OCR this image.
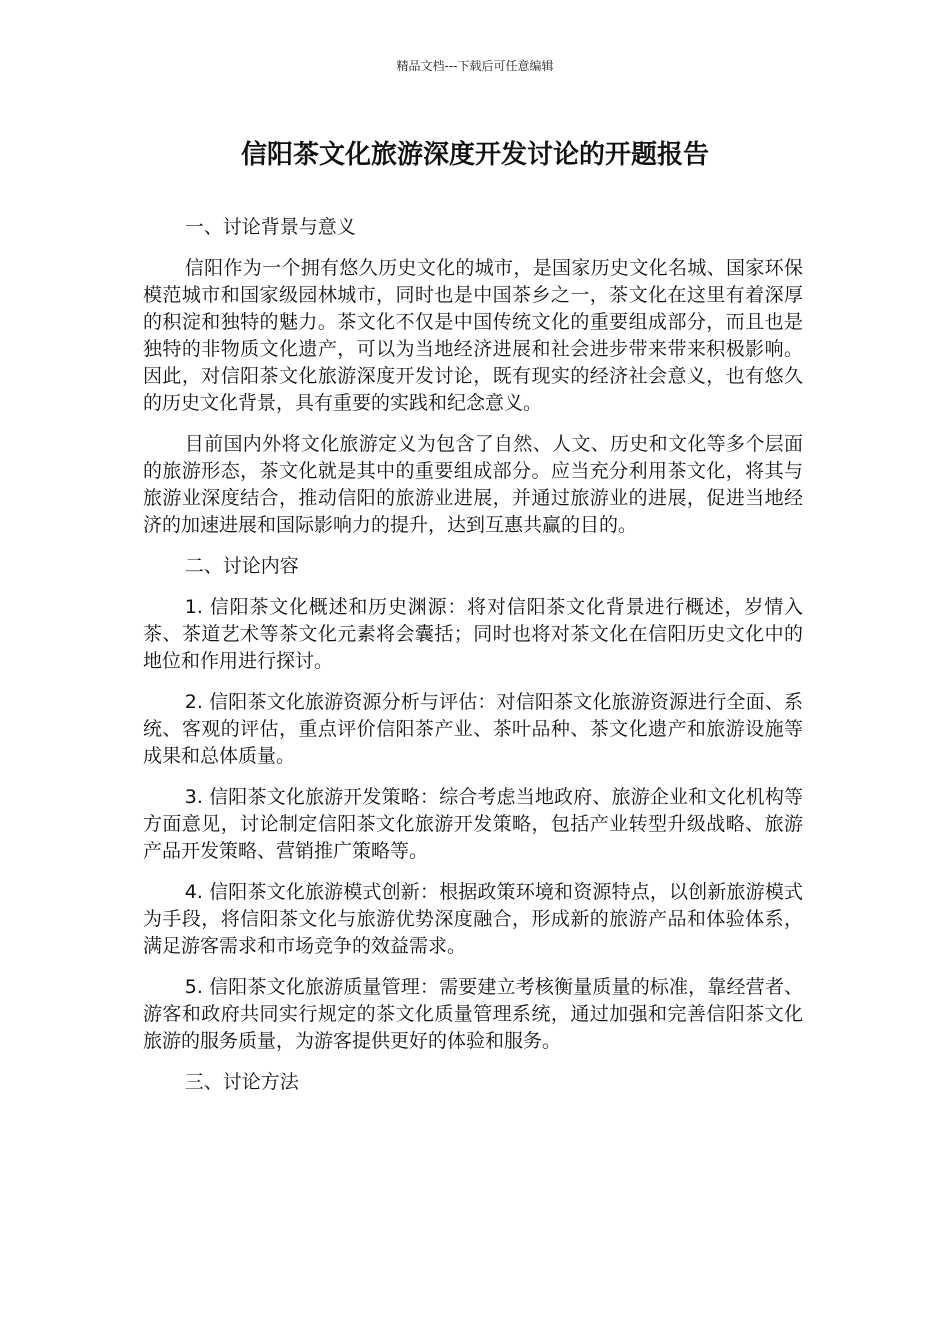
精品文档---下载后可任意编辑
信阳茶文化旅游深度开发讨论的开题报告

一、讨论背景与意义

信阳作为一个拥有悠久历史文化的城市，是国家历史文化名城、国家环保模范城市和国家级园林城市，同时也是中国茶乡之一，茶文化在这里有着深厚的积淀和独特的魅力。茶文化不仅是中国传统文化的重要组成部分，而且也是独特的非物质文化遗产，可以为当地经济进展和社会进步带来带来积极影响。因此，对信阳茶文化旅游深度开发讨论，既有现实的经济社会意义，也有悠久的历史文化背景，具有重要的实践和纪念意义。

目前国内外将文化旅游定义为包含了自然、人文、历史和文化等多个层面的旅游形态，茶文化就是其中的重要组成部分。应当充分利用茶文化，将其与旅游业深度结合，推动信阳的旅游业进展，并通过旅游业的进展，促进当地经济的加速进展和国际影响力的提升，达到互惠共赢的目的。

二、讨论内容

1. 信阳茶文化概述和历史渊源：将对信阳茶文化背景进行概述，岁情入茶、茶道艺术等茶文化元素将会囊括；同时也将对茶文化在信阳历史文化中的地位和作用进行探讨。

2. 信阳茶文化旅游资源分析与评估：对信阳茶文化旅游资源进行全面、系统、客观的评估，重点评价信阳茶产业、茶叶品种、茶文化遗产和旅游设施等成果和总体质量。

3. 信阳茶文化旅游开发策略：综合考虑当地政府、旅游企业和文化机构等方面意见，讨论制定信阳茶文化旅游开发策略，包括产业转型升级战略、旅游产品开发策略、营销推广策略等。

4. 信阳茶文化旅游模式创新：根据政策环境和资源特点，以创新旅游模式为手段，将信阳茶文化与旅游优势深度融合，形成新的旅游产品和体验体系，满足游客需求和市场竞争的效益需求。

5. 信阳茶文化旅游质量管理：需要建立考核衡量质量的标准，靠经营者、游客和政府共同实行规定的茶文化质量管理系统，通过加强和完善信阳茶文化旅游的服务质量，为游客提供更好的体验和服务。

三、讨论方法
